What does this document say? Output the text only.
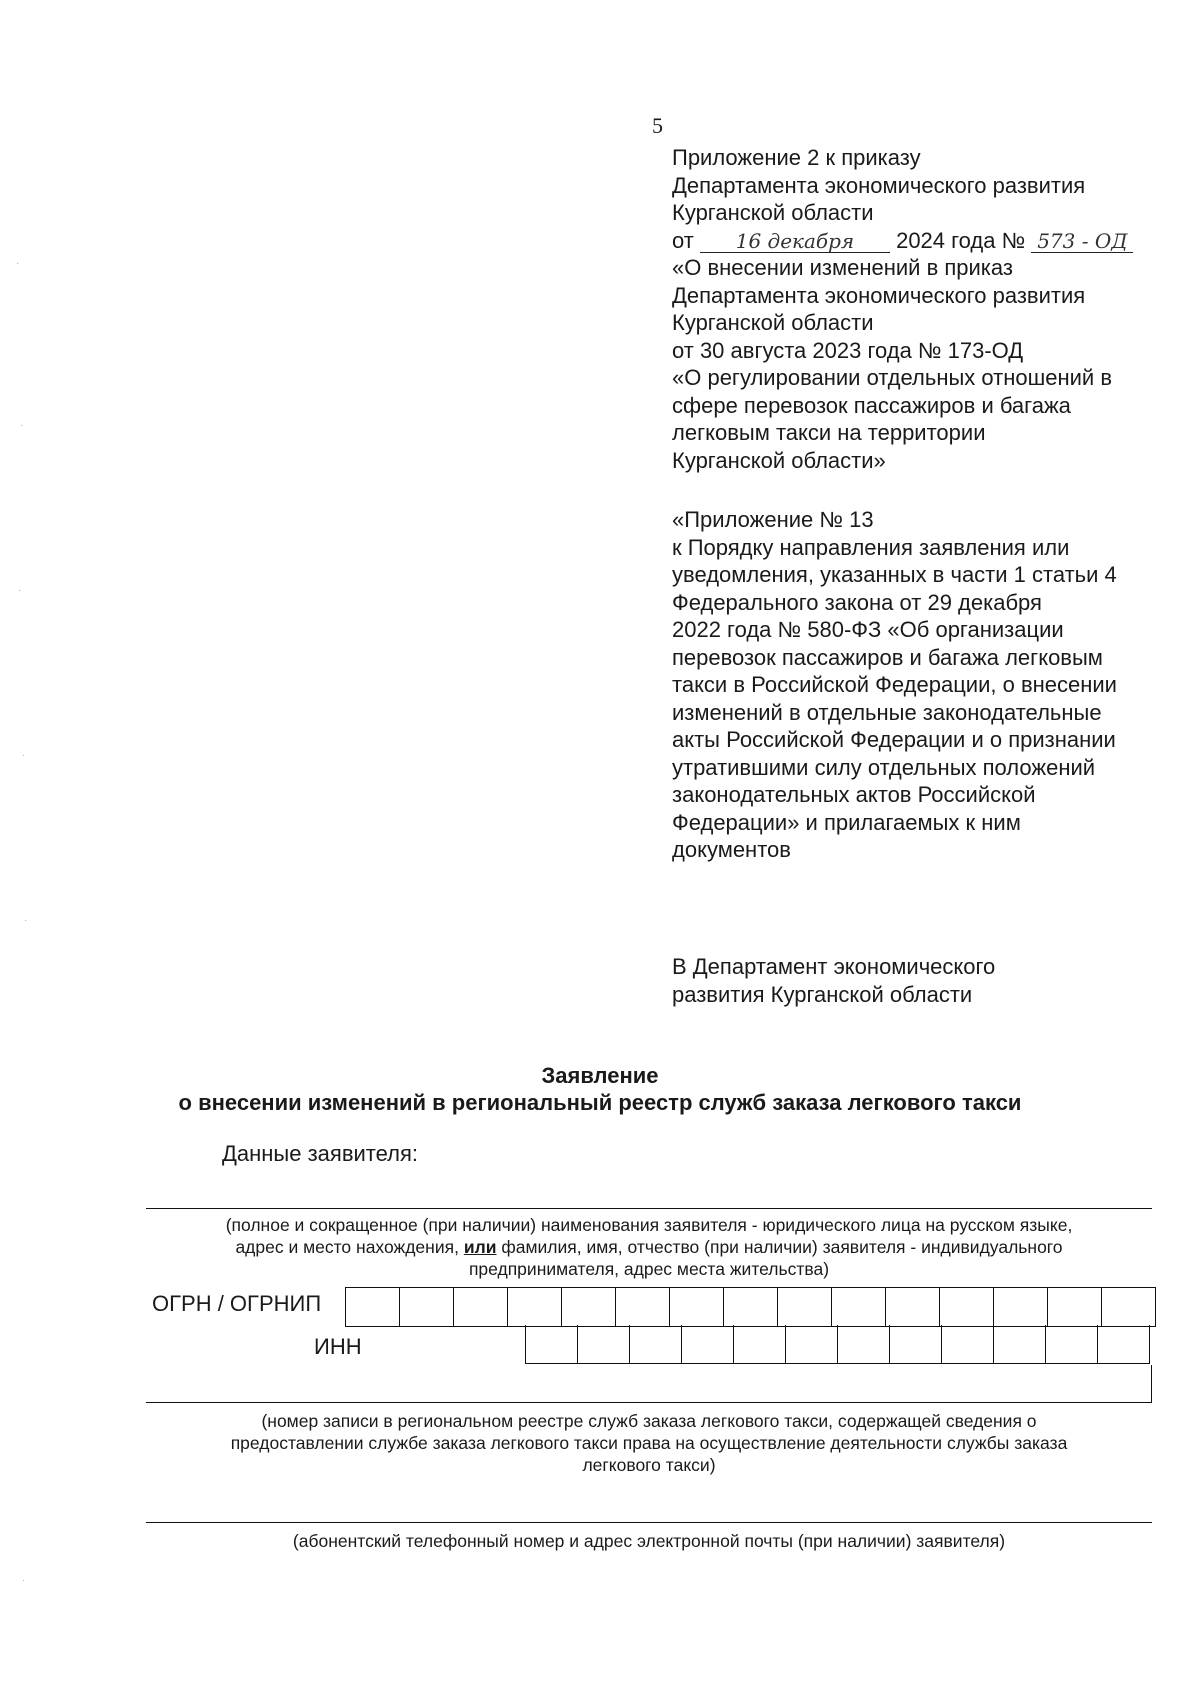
5
Приложение 2 к приказу
Департамента экономического развития
Курганской области
от 16 декабря 2024 года № 573 - ОД
«О внесении изменений в приказ
Департамента экономического развития
Курганской области
от 30 августа 2023 года № 173-ОД
«О регулировании отдельных отношений в
сфере перевозок пассажиров и багажа
легковым такси на территории
Курганской области»
«Приложение № 13
к Порядку направления заявления или
уведомления, указанных в части 1 статьи 4
Федерального закона от 29 декабря
2022 года № 580-ФЗ «Об организации
перевозок пассажиров и багажа легковым
такси в Российской Федерации, о внесении
изменений в отдельные законодательные
акты Российской Федерации и о признании
утратившими силу отдельных положений
законодательных актов Российской
Федерации» и прилагаемых к ним
документов
В Департамент экономического
развития Курганской области
Заявление
о внесении изменений в региональный реестр служб заказа легкового такси
Данные заявителя:
(полное и сокращенное (при наличии) наименования заявителя - юридического лица на русском языке,
адрес и место нахождения, или фамилия, имя, отчество (при наличии) заявителя - индивидуального
предпринимателя, адрес места жительства)
ОГРН / ОГРНИП
ИНН
(номер записи в региональном реестре служб заказа легкового такси, содержащей сведения о
предоставлении службе заказа легкового такси права на осуществление деятельности службы заказа
легкового такси)
(абонентский телефонный номер и адрес электронной почты (при наличии) заявителя)
·
·
·
·
·
·
